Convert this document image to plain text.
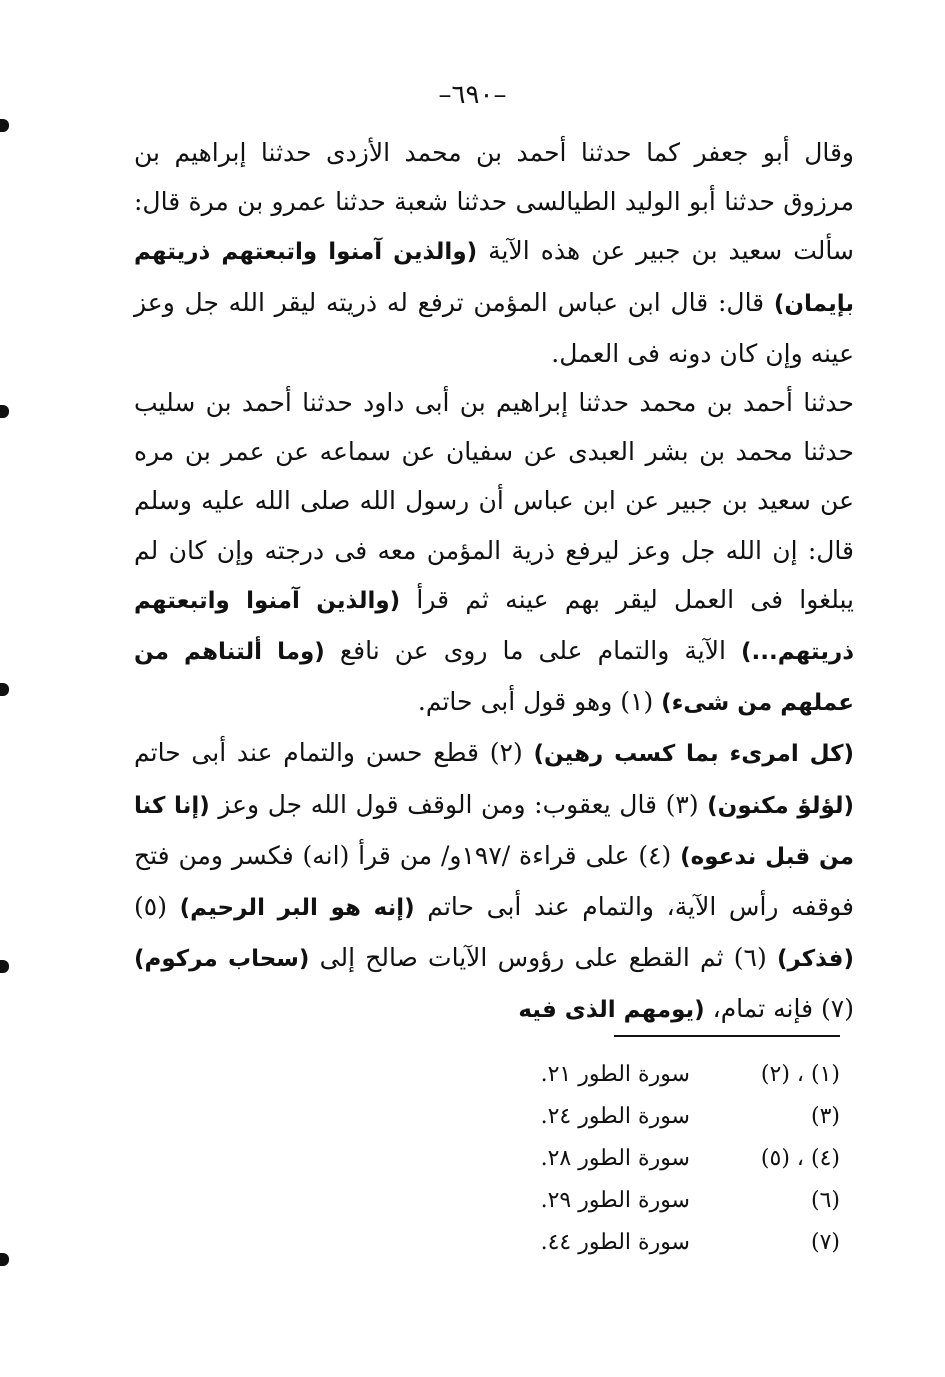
–٦٩٠–

وقال أبو جعفر كما حدثنا أحمد بن محمد الأزدى حدثنا إبراهيم بن مرزوق حدثنا أبو الوليد الطيالسى حدثنا شعبة حدثنا عمرو بن مرة قال: سألت سعيد بن جبير عن هذه الآية (والذين آمنوا واتبعتهم ذريتهم بإيمان) قال: قال ابن عباس المؤمن ترفع له ذريته ليقر الله جل وعز عينه وإن كان دونه فى العمل.

حدثنا أحمد بن محمد حدثنا إبراهيم بن أبى داود حدثنا أحمد بن سليب حدثنا محمد بن بشر العبدى عن سفيان عن سماعه عن عمر بن مره عن سعيد بن جبير عن ابن عباس أن رسول الله صلى الله عليه وسلم قال: إن الله جل وعز ليرفع ذرية المؤمن معه فى درجته وإن كان لم يبلغوا فى العمل ليقر بهم عينه ثم قرأ (والذين آمنوا واتبعتهم ذريتهم...) الآية والتمام على ما روى عن نافع (وما ألتناهم من عملهم من شىء) (١) وهو قول أبى حاتم.

(كل امرىء بما كسب رهين) (٢) قطع حسن والتمام عند أبى حاتم (لؤلؤ مكنون) (٣) قال يعقوب: ومن الوقف قول الله جل وعز (إنا كنا من قبل ندعوه) (٤) على قراءة /١٩٧و/ من قرأ (انه) فكسر ومن فتح فوقفه رأس الآية، والتمام عند أبى حاتم (إنه هو البر الرحيم) (٥) (فذكر) (٦) ثم القطع على رؤوس الآيات صالح إلى (سحاب مركوم) (٧) فإنه تمام، (يومهم الذى فيه

(١) ، (٢)
سورة الطور ٢١.
(٣)
سورة الطور ٢٤.
(٤) ، (٥)
سورة الطور ٢٨.
(٦)
سورة الطور ٢٩.
(٧)
سورة الطور ٤٤.
